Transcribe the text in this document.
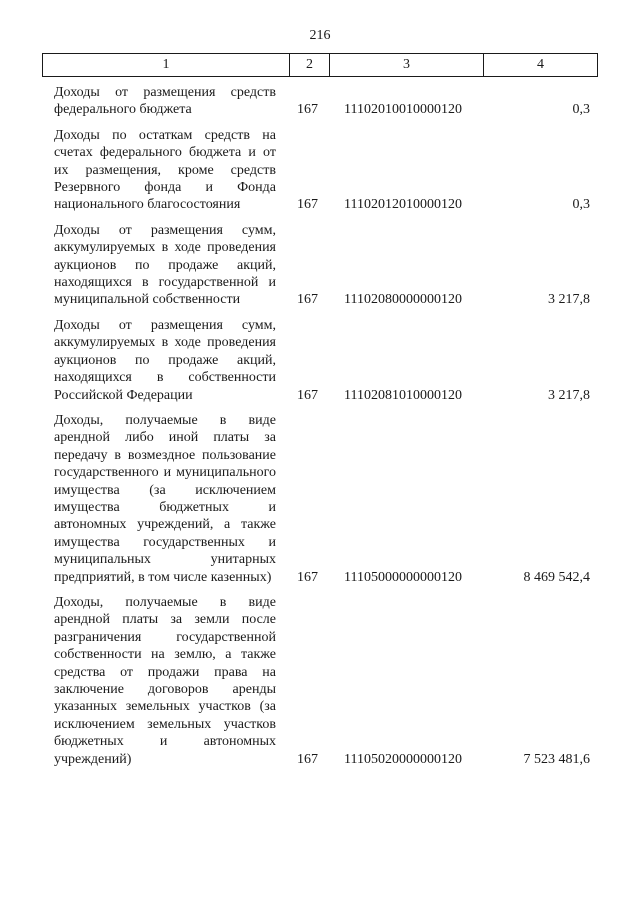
216
1	2	3	4
Доходы от размещения средств федерального бюджета	167 11102010010000120	0,3
Доходы по остаткам средств на счетах федерального бюджета и от их размещения, кроме средств Резервного фонда и Фонда национального благосостояния	167 11102012010000120	0,3
Доходы от размещения сумм, аккумулируемых в ходе проведения аукционов по продаже акций, находящихся в государственной и муниципальной собственности	167 11102080000000120	3 217,8
Доходы от размещения сумм, аккумулируемых в ходе проведения аукционов по продаже акций, находящихся в собственности Российской Федерации	167 11102081010000120	3 217,8
Доходы, получаемые в виде арендной либо иной платы за передачу в возмездное пользование государственного и муниципального имущества (за исключением имущества бюджетных и автономных учреждений, а также имущества государственных и муниципальных унитарных предприятий, в том числе казенных)	167 11105000000000120	8 469 542,4
Доходы, получаемые в виде арендной платы за земли после разграничения государственной собственности на землю, а также средства от продажи права на заключение договоров аренды указанных земельных участков (за исключением земельных участков бюджетных и автономных учреждений)	167 11105020000000120	7 523 481,6
